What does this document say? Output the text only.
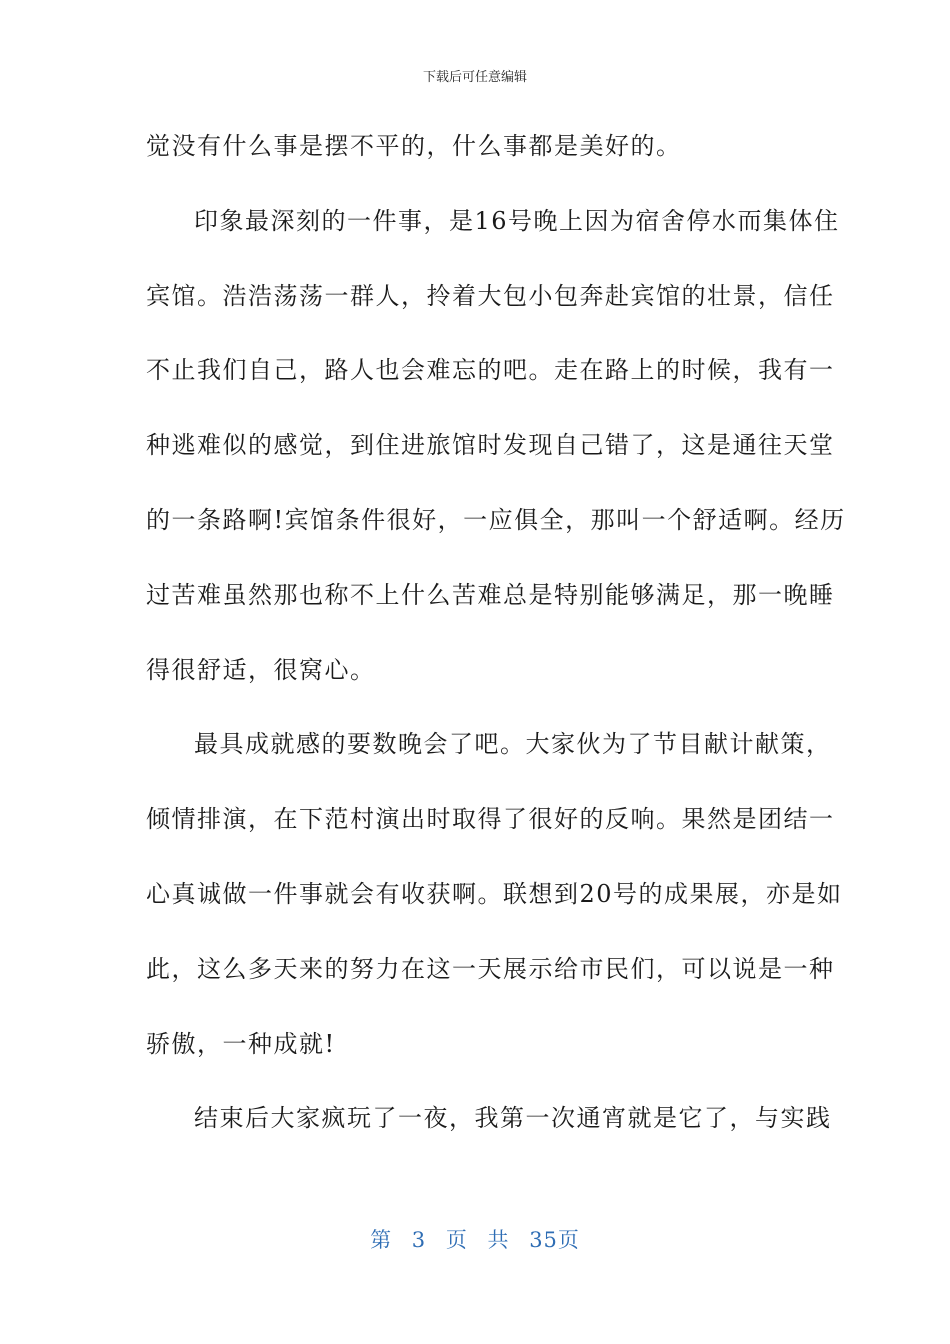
下载后可任意编辑
觉没有什么事是摆不平的，什么事都是美好的。
印象最深刻的一件事，是16号晚上因为宿舍停水而集体住
宾馆。浩浩荡荡一群人，拎着大包小包奔赴宾馆的壮景，信任
不止我们自己，路人也会难忘的吧。走在路上的时候，我有一
种逃难似的感觉，到住进旅馆时发现自己错了，这是通往天堂
的一条路啊!宾馆条件很好，一应俱全，那叫一个舒适啊。经历
过苦难虽然那也称不上什么苦难总是特别能够满足，那一晚睡
得很舒适，很窝心。
最具成就感的要数晚会了吧。大家伙为了节目献计献策，
倾情排演，在下范村演出时取得了很好的反响。果然是团结一
心真诚做一件事就会有收获啊。联想到20号的成果展，亦是如
此，这么多天来的努力在这一天展示给市民们，可以说是一种
骄傲，一种成就!
结束后大家疯玩了一夜，我第一次通宵就是它了，与实践
第 3 页 共 35页
